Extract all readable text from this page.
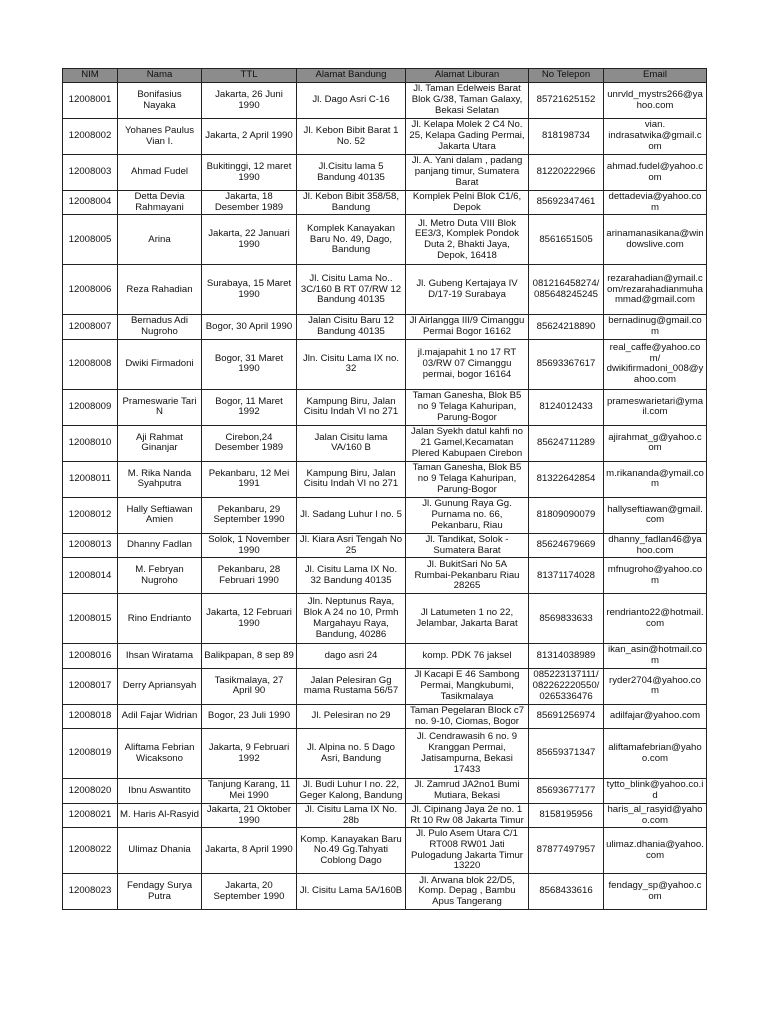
NIM	Nama	TTL	Alamat Bandung	Alamat Liburan	No Telepon	Email
12008001	Bonifasius Nayaka	Jakarta, 26 Juni 1990	Jl. Dago Asri C-16	Jl. Taman Edelweis Barat Blok G/38, Taman Galaxy, Bekasi Selatan	85721625152	unrvld_mystrs266@yahoo.com
12008002	Yohanes Paulus Vian I.	Jakarta, 2 April 1990	Jl. Kebon Bibit Barat 1 No. 52	Jl. Kelapa Molek 2 C4 No. 25, Kelapa Gading Permai, Jakarta Utara	818198734	vian. indrasatwika@gmail.com
12008003	Ahmad Fudel	Bukitinggi, 12 maret 1990	Jl.Cisitu lama 5 Bandung 40135	Jl. A. Yani dalam , padang panjang timur, Sumatera Barat	81220222966	ahmad.fudel@yahoo.com
12008004	Detta Devia Rahmayani	Jakarta, 18 Desember 1989	Jl. Kebon Bibit 358/58, Bandung	Komplek Pelni Blok C1/6, Depok	85692347461	dettadevia@yahoo.com
12008005	Arina	Jakarta, 22 Januari 1990	Komplek Kanayakan Baru No. 49, Dago, Bandung	Jl. Metro Duta VIII Blok EE3/3, Komplek Pondok Duta 2, Bhakti Jaya, Depok, 16418	8561651505	arinamanasikana@windowslive.com
12008006	Reza Rahadian	Surabaya, 15 Maret 1990	Jl. Cisitu Lama No.. 3C/160 B RT 07/RW 12 Bandung 40135	Jl. Gubeng Kertajaya IV D/17-19 Surabaya	081216458274/085648245245	rezarahadian@ymail.com/rezarahadianmuhammad@gmail.com
12008007	Bernadus Adi Nugroho	Bogor, 30 April 1990	Jalan Cisitu Baru 12 Bandung 40135	Jl Airlangga III/9 Cimanggu Permai Bogor 16162	85624218890	bernadinug@gmail.com
12008008	Dwiki Firmadoni	Bogor, 31 Maret 1990	Jln. Cisitu Lama IX no. 32	jl.majapahit 1 no 17 RT 03/RW 07 Cimanggu permai, bogor 16164	85693367617	real_caffe@yahoo.com/ dwikifirmadoni_008@yahoo.com
12008009	Prameswarie Tari N	Bogor, 11 Maret 1992	Kampung Biru, Jalan Cisitu Indah VI no 271	Taman Ganesha, Blok B5 no 9 Telaga Kahuripan, Parung-Bogor	8124012433	prameswarietari@ymail.com
12008010	Aji Rahmat Ginanjar	Cirebon,24 Desember 1989	Jalan Cisitu lama VA/160 B	Jalan Syekh datul kahfi no 21 Gamel,Kecamatan Plered Kabupaen Cirebon	85624711289	ajirahmat_g@yahoo.com
12008011	M. Rika Nanda Syahputra	Pekanbaru, 12 Mei 1991	Kampung Biru, Jalan Cisitu Indah VI no 271	Taman Ganesha, Blok B5 no 9 Telaga Kahuripan, Parung-Bogor	81322642854	m.rikananda@ymail.com
12008012	Hally Seftiawan Amien	Pekanbaru, 29 September 1990	Jl. Sadang Luhur I no. 5	Jl. Gunung Raya Gg. Purnama no. 66, Pekanbaru, Riau	81809090079	hallyseftiawan@gmail.com
12008013	Dhanny Fadlan	Solok, 1 November 1990	Jl. Kiara Asri Tengah No 25	Jl. Tandikat, Solok - Sumatera Barat	85624679669	dhanny_fadlan46@yahoo.com
12008014	M. Febryan Nugroho	Pekanbaru, 28 Februari 1990	Jl. Cisitu Lama IX No. 32 Bandung 40135	Jl. BukitSari No 5A Rumbai-Pekanbaru Riau 28265	81371174028	mfnugroho@yahoo.com
12008015	Rino Endrianto	Jakarta, 12 Februari 1990	Jln. Neptunus Raya, Blok A 24 no 10, Prmh Margahayu Raya, Bandung, 40286	Jl Latumeten 1 no 22, Jelambar, Jakarta Barat	8569833633	rendrianto22@hotmail.com
12008016	Ihsan Wiratama	Balikpapan, 8 sep 89	dago asri 24	komp. PDK 76 jaksel	81314038989	ikan_asin@hotmail.com
12008017	Derry Apriansyah	Tasikmalaya, 27 April 90	Jalan Pelesiran Gg mama Rustama 56/57	Jl Kacapi E 46 Sambong Permai, Mangkubumi, Tasikmalaya	085223137111/082262220550/0265336476	ryder2704@yahoo.com
12008018	Adil Fajar Widrian	Bogor, 23 Juli 1990	Jl. Pelesiran no 29	Taman Pegelaran Block c7 no. 9-10, Ciomas, Bogor	85691256974	adilfajar@yahoo.com
12008019	Aliftama Febrian Wicaksono	Jakarta, 9 Februari 1992	Jl. Alpina no. 5 Dago Asri, Bandung	Jl. Cendrawasih 6 no. 9 Kranggan Permai, Jatisampurna, Bekasi 17433	85659371347	aliftamafebrian@yahoo.com
12008020	Ibnu Aswantito	Tanjung Karang, 11 Mei 1990	Jl. Budi Luhur I no. 22, Geger Kalong, Bandung	Jl. Zamrud JA2no1 Bumi Mutiara, Bekasi	85693677177	tytto_blink@yahoo.co.id
12008021	M. Haris Al-Rasyid	Jakarta, 21 Oktober 1990	Jl. Cisitu Lama IX No. 28b	Jl. Cipinang Jaya 2e no. 1 Rt 10 Rw 08 Jakarta Timur	8158195956	haris_al_rasyid@yahoo.com
12008022	Ulimaz Dhania	Jakarta, 8 April 1990	Komp. Kanayakan Baru No.49 Gg.Tahyati Coblong Dago	Jl. Pulo Asem Utara C/1 RT008 RW01 Jati Pulogadung Jakarta Timur 13220	87877497957	ulimaz.dhania@yahoo.com
12008023	Fendagy Surya Putra	Jakarta, 20 September 1990	Jl. Cisitu Lama 5A/160B	Jl. Arwana blok 22/D5, Komp. Depag , Bambu Apus Tangerang	8568433616	fendagy_sp@yahoo.com
